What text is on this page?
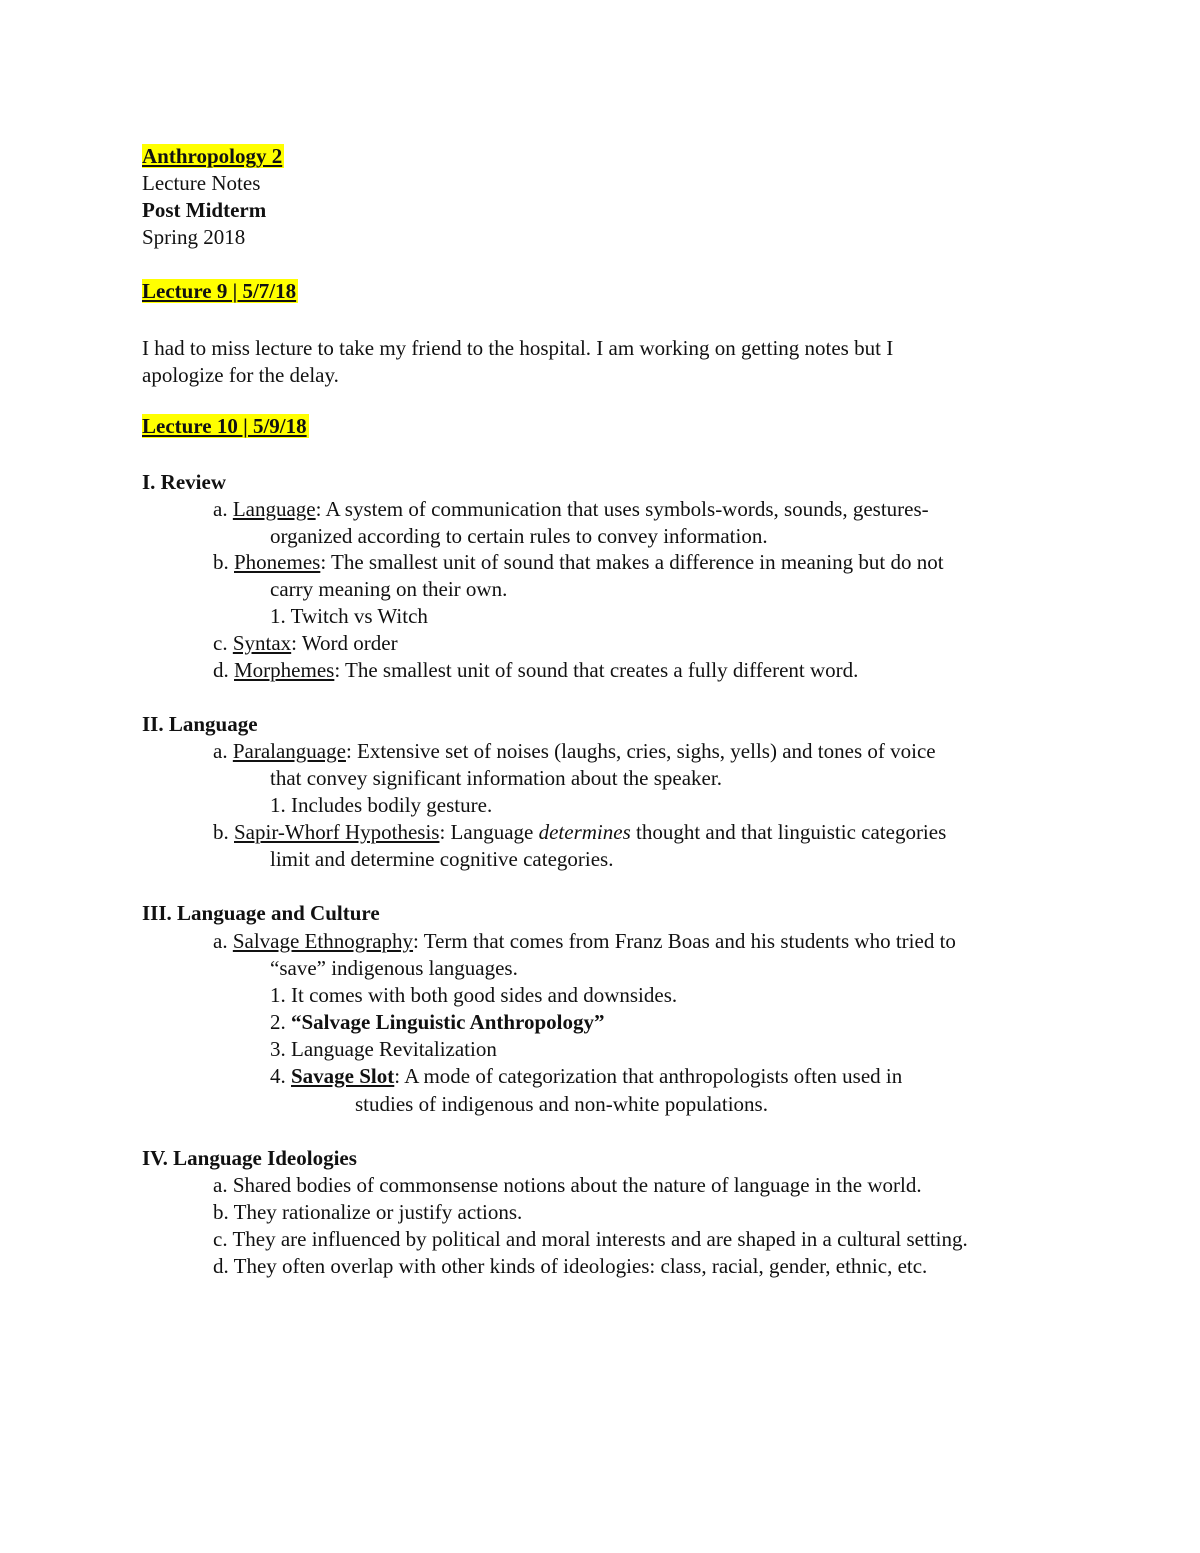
Anthropology 2
Lecture Notes
Post Midterm
Spring 2018
Lecture 9 | 5/7/18
I had to miss lecture to take my friend to the hospital. I am working on getting notes but I
apologize for the delay.
Lecture 10 | 5/9/18
I. Review
a. Language: A system of communication that uses symbols-words, sounds, gestures-
organized according to certain rules to convey information.
b. Phonemes: The smallest unit of sound that makes a difference in meaning but do not
carry meaning on their own.
1. Twitch vs Witch
c. Syntax: Word order
d. Morphemes: The smallest unit of sound that creates a fully different word.
II. Language
a. Paralanguage: Extensive set of noises (laughs, cries, sighs, yells) and tones of voice
that convey significant information about the speaker.
1. Includes bodily gesture.
b. Sapir-Whorf Hypothesis: Language determines thought and that linguistic categories
limit and determine cognitive categories.
III. Language and Culture
a. Salvage Ethnography: Term that comes from Franz Boas and his students who tried to
“save” indigenous languages.
1. It comes with both good sides and downsides.
2. “Salvage Linguistic Anthropology”
3. Language Revitalization
4. Savage Slot: A mode of categorization that anthropologists often used in
studies of indigenous and non-white populations.
IV. Language Ideologies
a. Shared bodies of commonsense notions about the nature of language in the world.
b. They rationalize or justify actions.
c. They are influenced by political and moral interests and are shaped in a cultural setting.
d. They often overlap with other kinds of ideologies: class, racial, gender, ethnic, etc.
